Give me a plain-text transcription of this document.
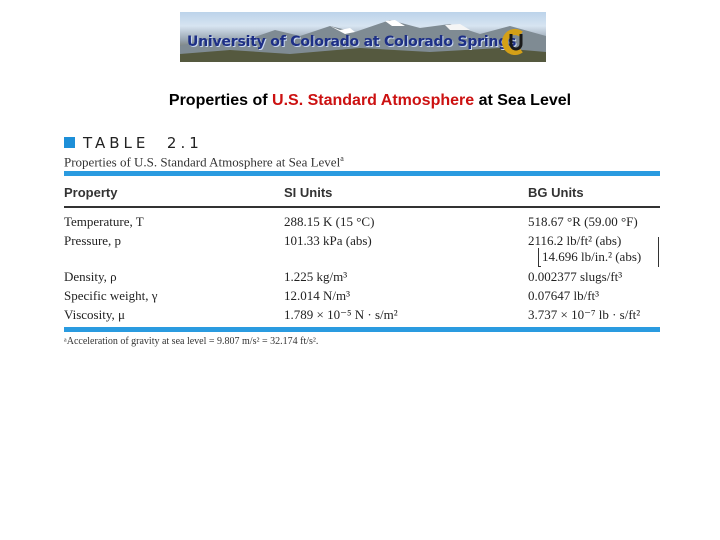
University of Colorado at Colorado Springs
Properties of U.S. Standard Atmosphere at Sea Level
TABLE  2.1
Properties of U.S. Standard Atmosphere at Sea Level$^a$
Property	SI Units	BG Units
Temperature, T	288.15 K (15 °C)	518.67 °R (59.00 °F)
Pressure, p	101.33 kPa (abs)	2116.2 lb/ft² (abs)
14.696 lb/in.² (abs)
Density, ρ	1.225 kg/m³	0.002377 slugs/ft³
Specific weight, γ	12.014 N/m³	0.07647 lb/ft³
Viscosity, μ	1.789 × 10⁻⁵ N · s/m²	3.737 × 10⁻⁷ lb · s/ft²
ᵃAcceleration of gravity at sea level = 9.807 m/s² = 32.174 ft/s².
